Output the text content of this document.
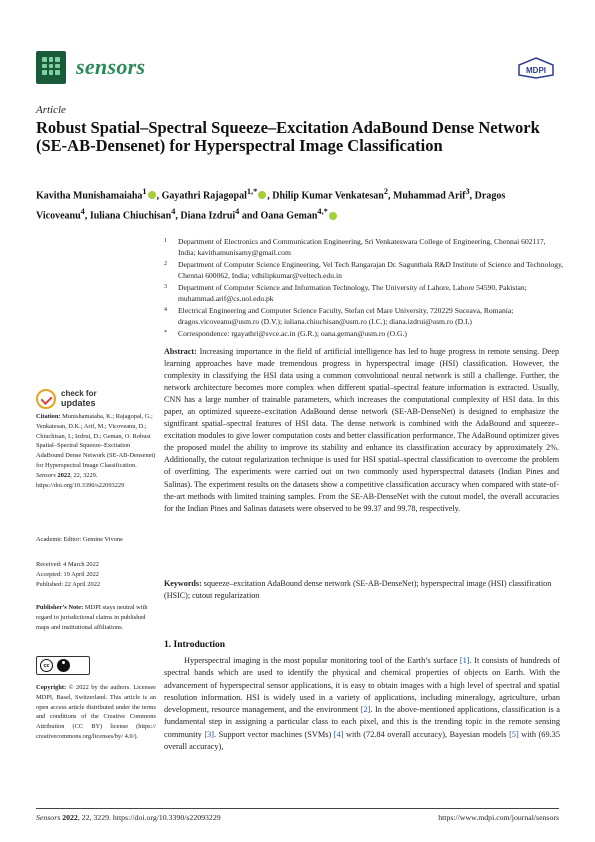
sensors	MDPI
Article
Robust Spatial–Spectral Squeeze–Excitation AdaBound Dense Network (SE-AB-Densenet) for Hyperspectral Image Classification
Kavitha Munishamaiaha$^1$ , Gayathri Rajagopal$^{1,*}$ , Dhilip Kumar Venkatesan$^2$, Muhammad Arif$^3$, Dragos Vicoveanu$^4$, Iuliana Chiuchisan$^4$, Diana Izdrui$^4$ and Oana Geman$^{4,*}$
1	Department of Electronics and Communication Engineering, Sri Venkateswara College of Engineering, Chennai 602117, India; kavithamunisamy@gmail.com
2	Department of Computer Science Engineering, Vel Tech Rangarajan Dr. Sagunthala R&D Institute of Science and Technology, Chennai 600062, India; vdhilipkumar@veltech.edu.in
3	Department of Computer Science and Information Technology, The University of Lahore, Lahore 54590, Pakistan; muhammad.arif@cs.uol.edu.pk
4	Electrical Engineering and Computer Science Faculty, Stefan cel Mare University, 720229 Suceava, Romania; dragos.vicoveanu@usm.ro (D.V.); iuliana.chiuchisan@usm.ro (I.C.); diana.izdrui@usm.ro (D.I.)
*	Correspondence: rgayathri@svce.ac.in (G.R.); oana.geman@usm.ro (O.G.)
Abstract: Increasing importance in the field of artificial intelligence has led to huge progress in remote sensing. Deep learning approaches have made tremendous progress in hyperspectral image (HSI) classification. However, the complexity in classifying the HSI data using a common convolutional neural network is still a challenge. Further, the network architecture becomes more complex when different spatial–spectral feature information is extracted. Usually, CNN has a large number of trainable parameters, which increases the computational complexity of HSI data. In this paper, an optimized squeeze–excitation AdaBound dense network (SE-AB-DenseNet) is designed to emphasize the significant spatial–spectral features of HSI data. The dense network is combined with the AdaBound and squeeze–excitation modules to give lower computation costs and better classification performance. The AdaBound optimizer gives the proposed model the ability to improve its stability and enhance its classification accuracy by approximately 2%. Additionally, the cutout regularization technique is used for HSI spatial–spectral classification to overcome the problem of overfitting. The experiments were carried out on two commonly used hyperspectral datasets (Indian Pines and Salinas). The experiment results on the datasets show a competitive classification accuracy when compared with state-of-the-art methods with limited training samples. From the SE-AB-DenseNet with the cutout model, the overall accuracies for the Indian Pines and Salinas datasets were observed to be 99.37 and 99.78, respectively.
Keywords: squeeze–excitation AdaBound dense network (SE-AB-DenseNet); hyperspectral image (HSI) classification (HSIC); cutout regularization
1. Introduction
Hyperspectral imaging is the most popular monitoring tool of the Earth’s surface [1]. It consists of hundreds of spectral bands which are used to identify the physical and chemical properties of objects on Earth. With the advancement of hyperspectral sensor applications, it is easy to obtain images with a high level of spectral and spatial resolution information. HSI is widely used in a variety of applications, including mineralogy, agriculture, urban development, resource management, and the environment [2]. In the above-mentioned applications, classification is a fundamental step in assigning a particular class to each pixel, and this is the trending topic in the remote sensing community [3]. Support vector machines (SVMs) [4] with (72.84 overall accuracy), Bayesian models [5] with (69.35 overall accuracy),
check for
updates
Citation: Munishamaiaha, K.; Rajagopal, G.; Venkatesan, D.K.; Arif, M.; Vicoveanu, D.; Chiuchisan, I.; Izdrui, D.; Geman, O. Robust Spatial–Spectral Squeeze–Excitation AdaBound Dense Network (SE-AB-Densenet) for Hyperspectral Image Classification. Sensors 2022, 22, 3229. https://doi.org/10.3390/s22093229
Academic Editor: Gemine Vivone
Received: 4 March 2022
Accepted: 19 April 2022
Published: 22 April 2022
Publisher’s Note: MDPI stays neutral with regard to jurisdictional claims in published maps and institutional affiliations.
cc
Copyright: © 2022 by the authors. Licensee MDPI, Basel, Switzerland. This article is an open access article distributed under the terms and conditions of the Creative Commons Attribution (CC BY) license (https:// creativecommons.org/licenses/by/ 4.0/).
Sensors 2022, 22, 3229. https://doi.org/10.3390/s22093229	https://www.mdpi.com/journal/sensors
